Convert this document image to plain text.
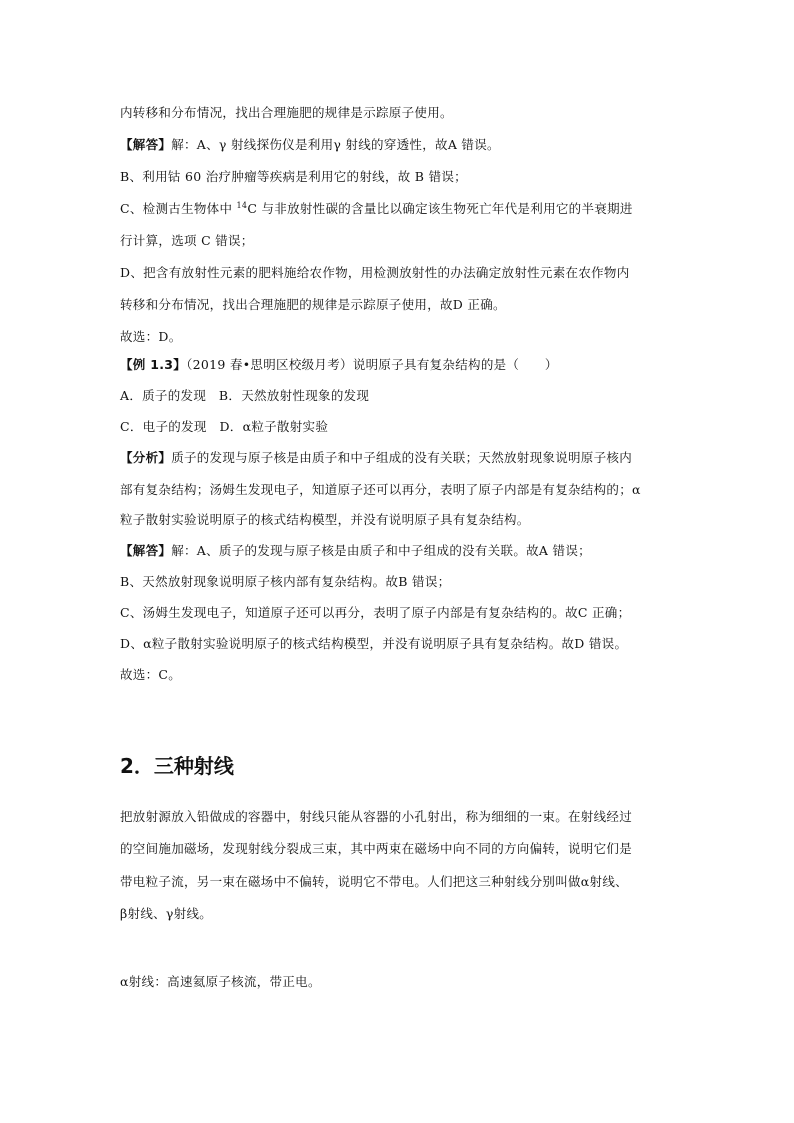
内转移和分布情况，找出合理施肥的规律是示踪原子使用。
【解答】解：A、γ 射线探伤仪是利用γ 射线的穿透性，故A 错误。
B、利用钴 60 治疗肿瘤等疾病是利用它的射线，故 B 错误；
C、检测古生物体中 $^{14}$C 与非放射性碳的含量比以确定该生物死亡年代是利用它的半衰期进
行计算，选项 C 错误；
D、把含有放射性元素的肥料施给农作物，用检测放射性的办法确定放射性元素在农作物内
转移和分布情况，找出合理施肥的规律是示踪原子使用，故D 正确。
故选：D。
【例 1.3】（2019 春•思明区校级月考）说明原子具有复杂结构的是（　　）
A．质子的发现　B．天然放射性现象的发现
C．电子的发现　D．α粒子散射实验
【分析】质子的发现与原子核是由质子和中子组成的没有关联；天然放射现象说明原子核内
部有复杂结构；汤姆生发现电子，知道原子还可以再分，表明了原子内部是有复杂结构的；α
粒子散射实验说明原子的核式结构模型，并没有说明原子具有复杂结构。
【解答】解：A、质子的发现与原子核是由质子和中子组成的没有关联。故A 错误；
B、天然放射现象说明原子核内部有复杂结构。故B 错误；
C、汤姆生发现电子，知道原子还可以再分，表明了原子内部是有复杂结构的。故C 正确；
D、α粒子散射实验说明原子的核式结构模型，并没有说明原子具有复杂结构。故D 错误。
故选：C。
2．三种射线
把放射源放入铅做成的容器中，射线只能从容器的小孔射出，称为细细的一束。在射线经过
的空间施加磁场，发现射线分裂成三束，其中两束在磁场中向不同的方向偏转，说明它们是
带电粒子流，另一束在磁场中不偏转，说明它不带电。人们把这三种射线分别叫做α射线、
β射线、γ射线。
α射线：高速氦原子核流，带正电。
